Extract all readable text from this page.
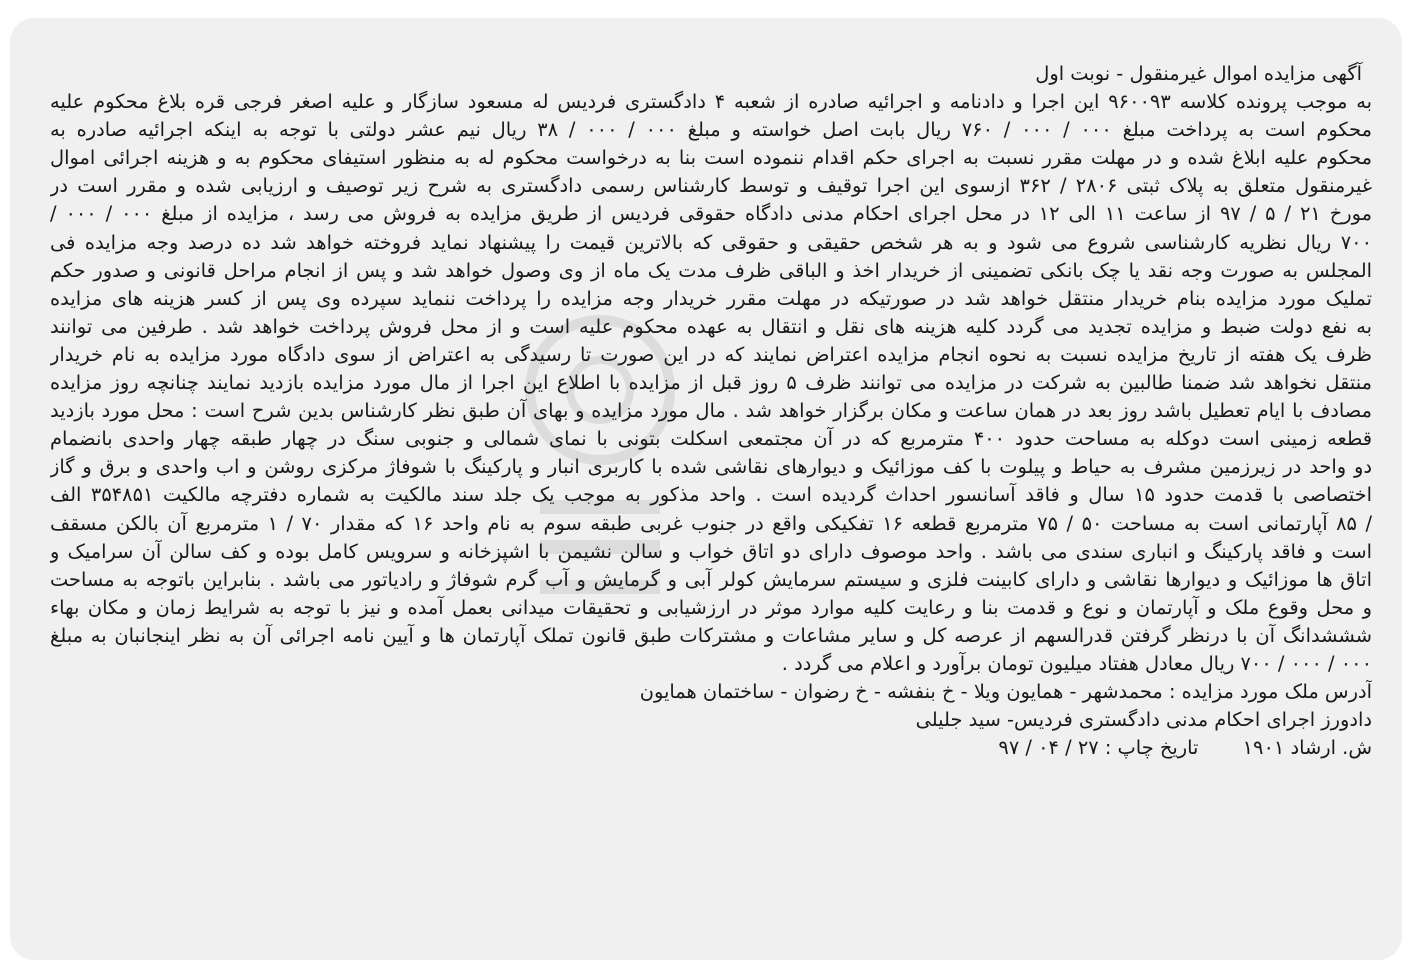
آگهی مزایده اموال غیرمنقول - نوبت اول
به موجب پرونده کلاسه ۹۶۰۰۹۳ این اجرا و دادنامه و اجرائیه صادره از شعبه ۴ دادگستری فردیس له مسعود سازگار و علیه اصغر فرجی قره بلاغ محکوم علیه
محکوم است به پرداخت مبلغ ۰۰۰ / ۰۰۰ / ۷۶۰ ریال بابت اصل خواسته و مبلغ ۰۰۰ / ۰۰۰ / ۳۸ ریال نیم عشر دولتی با توجه به اینکه اجرائیه صادره به
محکوم علیه ابلاغ شده و در مهلت مقرر نسبت به اجرای حکم اقدام ننموده است بنا به درخواست محکوم له به منظور استیفای محکوم به و هزینه اجرائی اموال
غیرمنقول متعلق به پلاک ثبتی ۲۸۰۶ / ۳۶۲ ازسوی این اجرا توقیف و توسط کارشناس رسمی دادگستری به شرح زیر توصیف و ارزیابی شده و مقرر است در
مورخ ۲۱ / ۵ / ۹۷ از ساعت ۱۱ الی ۱۲ در محل اجرای احکام مدنی دادگاه حقوقی فردیس از طریق مزایده به فروش می رسد ، مزایده از مبلغ ۰۰۰ / ۰۰۰ /
۷۰۰ ریال نظریه کارشناسی شروع می شود و به هر شخص حقیقی و حقوقی که بالاترین قیمت را پیشنهاد نماید فروخته خواهد شد ده درصد وجه مزایده فی
المجلس به صورت وجه نقد یا چک بانکی تضمینی از خریدار اخذ و الباقی ظرف مدت یک ماه از وی وصول خواهد شد و پس از انجام مراحل قانونی و صدور حکم
تملیک مورد مزایده بنام خریدار منتقل خواهد شد در صورتیکه در مهلت مقرر خریدار وجه مزایده را پرداخت ننماید سپرده وی پس از کسر هزینه های مزایده
به نفع دولت ضبط و مزایده تجدید می گردد کلیه هزینه های نقل و انتقال به عهده محکوم علیه است و از محل فروش پرداخت خواهد شد . طرفین می توانند
ظرف یک هفته از تاریخ مزایده نسبت به نحوه انجام مزایده اعتراض نمایند که در این صورت تا رسیدگی به اعتراض از سوی دادگاه مورد مزایده به نام خریدار
منتقل نخواهد شد ضمنا طالبین به شرکت در مزایده می توانند ظرف ۵ روز قبل از مزایده با اطلاع این اجرا از مال مورد مزایده بازدید نمایند چنانچه روز مزایده
مصادف با ایام تعطیل باشد روز بعد در همان ساعت و مکان برگزار خواهد شد . مال مورد مزایده و بهای آن طبق نظر کارشناس بدین شرح است : محل مورد بازدید
قطعه زمینی است دوکله به مساحت حدود ۴۰۰ مترمربع که در آن مجتمعی اسکلت بتونی با نمای شمالی و جنوبی سنگ در چهار طبقه چهار واحدی بانضمام
دو واحد در زیرزمین مشرف به حیاط و پیلوت با کف موزائیک و دیوارهای نقاشی شده با کاربری انبار و پارکینگ با شوفاژ مرکزی روشن و اب واحدی و برق و گاز
اختصاصی با قدمت حدود ۱۵ سال و فاقد آسانسور احداث گردیده است . واحد مذکور به موجب یک جلد سند مالکیت به شماره دفترچه مالکیت ۳۵۴۸۵۱ الف
/ ۸۵ آپارتمانی است به مساحت ۵۰ / ۷۵ مترمربع قطعه ۱۶ تفکیکی واقع در جنوب غربی طبقه سوم به نام واحد ۱۶ که مقدار ۷۰ / ۱ مترمربع آن بالکن مسقف
است و فاقد پارکینگ و انباری سندی می باشد . واحد موصوف دارای دو اتاق خواب و سالن نشیمن با اشپزخانه و سرویس کامل بوده و کف سالن آن سرامیک و
اتاق ها موزائیک و دیوارها نقاشی و دارای کابینت فلزی و سیستم سرمایش کولر آبی و گرمایش و آب گرم شوفاژ و رادیاتور می باشد . بنابراین باتوجه به مساحت
و محل وقوع ملک و آپارتمان و نوع و قدمت بنا و رعایت کلیه موارد موثر در ارزشیابی و تحقیقات میدانی بعمل آمده و نیز با توجه به شرایط زمان و مکان بهاء
شششدانگ آن با درنظر گرفتن قدرالسهم از عرصه کل و سایر مشاعات و مشترکات طبق قانون تملک آپارتمان ها و آیین نامه اجرائی آن به نظر اینجانبان به مبلغ
۰۰۰ / ۰۰۰ / ۷۰۰ ریال معادل هفتاد میلیون تومان برآورد و اعلام می گردد .
آدرس ملک مورد مزایده : محمدشهر - همایون ویلا - خ بنفشه - خ رضوان - ساختمان همایون
دادورز اجرای احکام مدنی دادگستری فردیس- سید جلیلی
ش. ارشاد ۱۹۰۱ تاریخ چاپ : ۲۷ / ۰۴ / ۹۷
